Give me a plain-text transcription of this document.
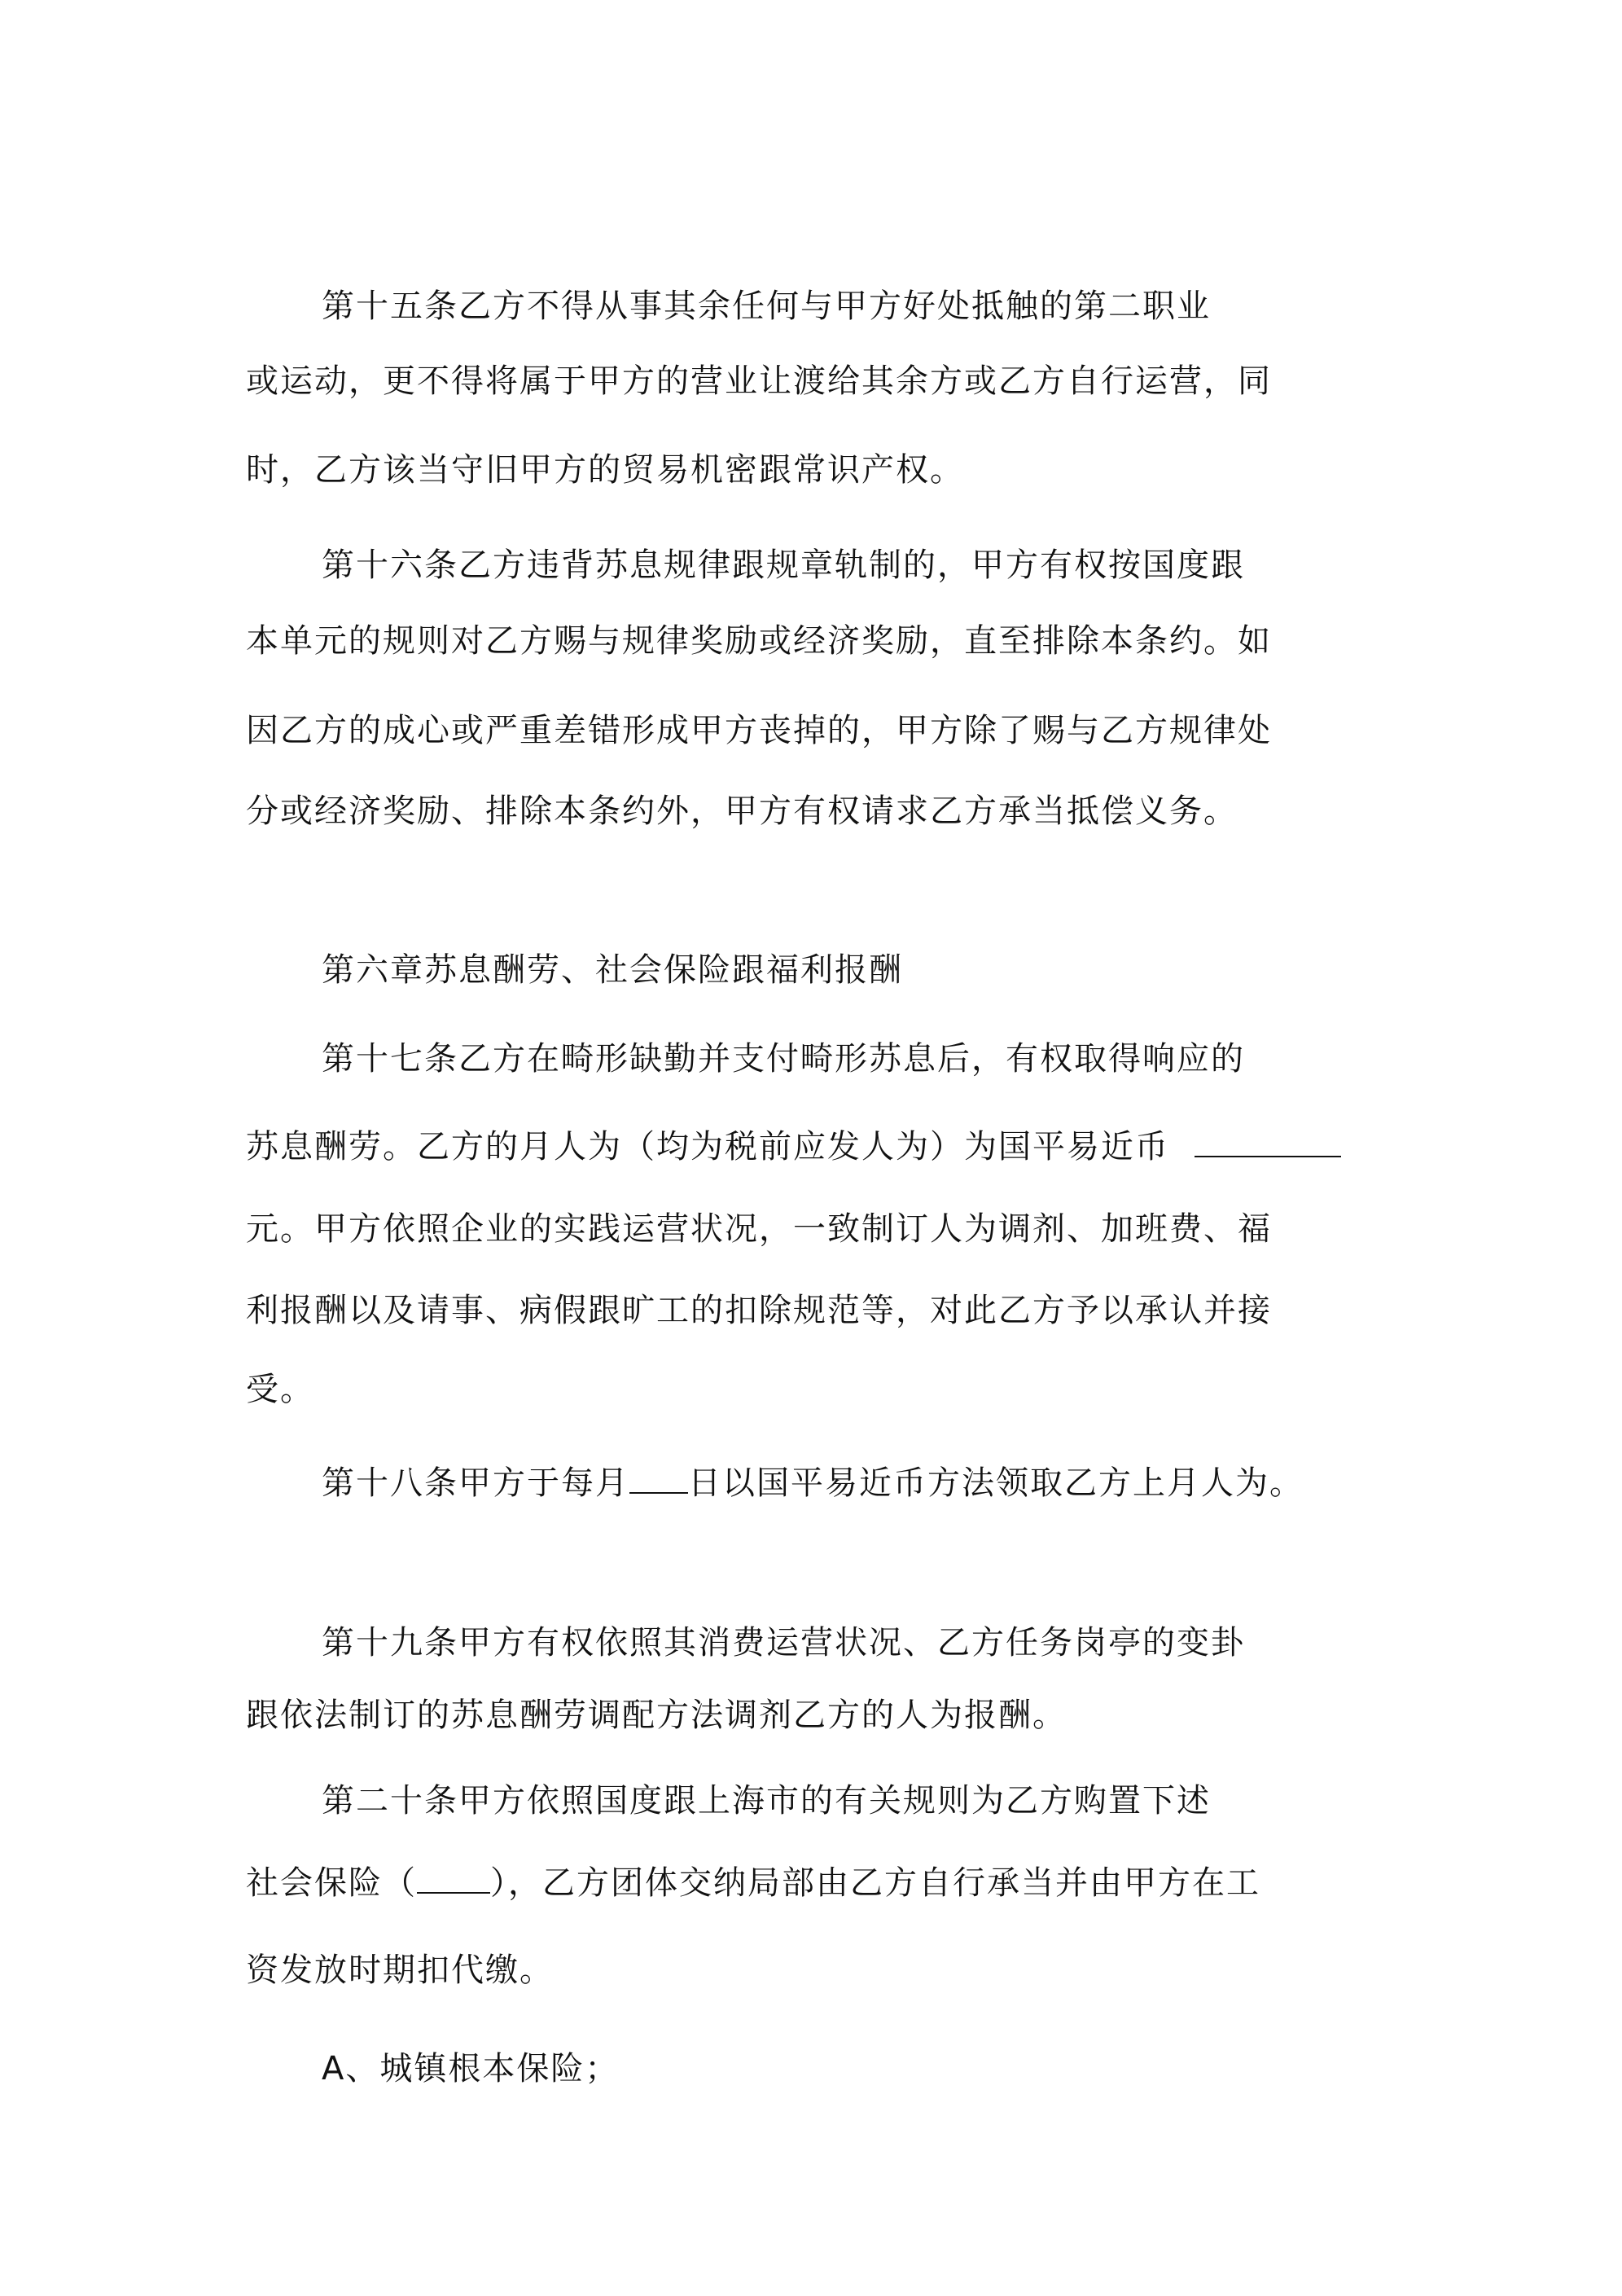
第十五条乙方不得从事其余任何与甲方好处抵触的第二职业
或运动，更不得将属于甲方的营业让渡给其余方或乙方自行运营，同
时，乙方该当守旧甲方的贸易机密跟常识产权。
第十六条乙方违背苏息规律跟规章轨制的，甲方有权按国度跟
本单元的规则对乙方赐与规律奖励或经济奖励，直至排除本条约。如
因乙方的成心或严重差错形成甲方丧掉的，甲方除了赐与乙方规律处
分或经济奖励、排除本条约外，甲方有权请求乙方承当抵偿义务。
第六章苏息酬劳、社会保险跟福利报酬
第十七条乙方在畸形缺勤并支付畸形苏息后，有权取得响应的
苏息酬劳。乙方的月人为（均为税前应发人为）为国平易近币
元。甲方依照企业的实践运营状况，一致制订人为调剂、加班费、福
利报酬以及请事、病假跟旷工的扣除规范等，对此乙方予以承认并接
受。
第十八条甲方于每月 日以国平易近币方法领取乙方上月人为。
第十九条甲方有权依照其消费运营状况、乙方任务岗亭的变卦
跟依法制订的苏息酬劳调配方法调剂乙方的人为报酬。
第二十条甲方依照国度跟上海市的有关规则为乙方购置下述
社会保险（ ），乙方团体交纳局部由乙方自行承当并由甲方在工
资发放时期扣代缴。
A、城镇根本保险；
